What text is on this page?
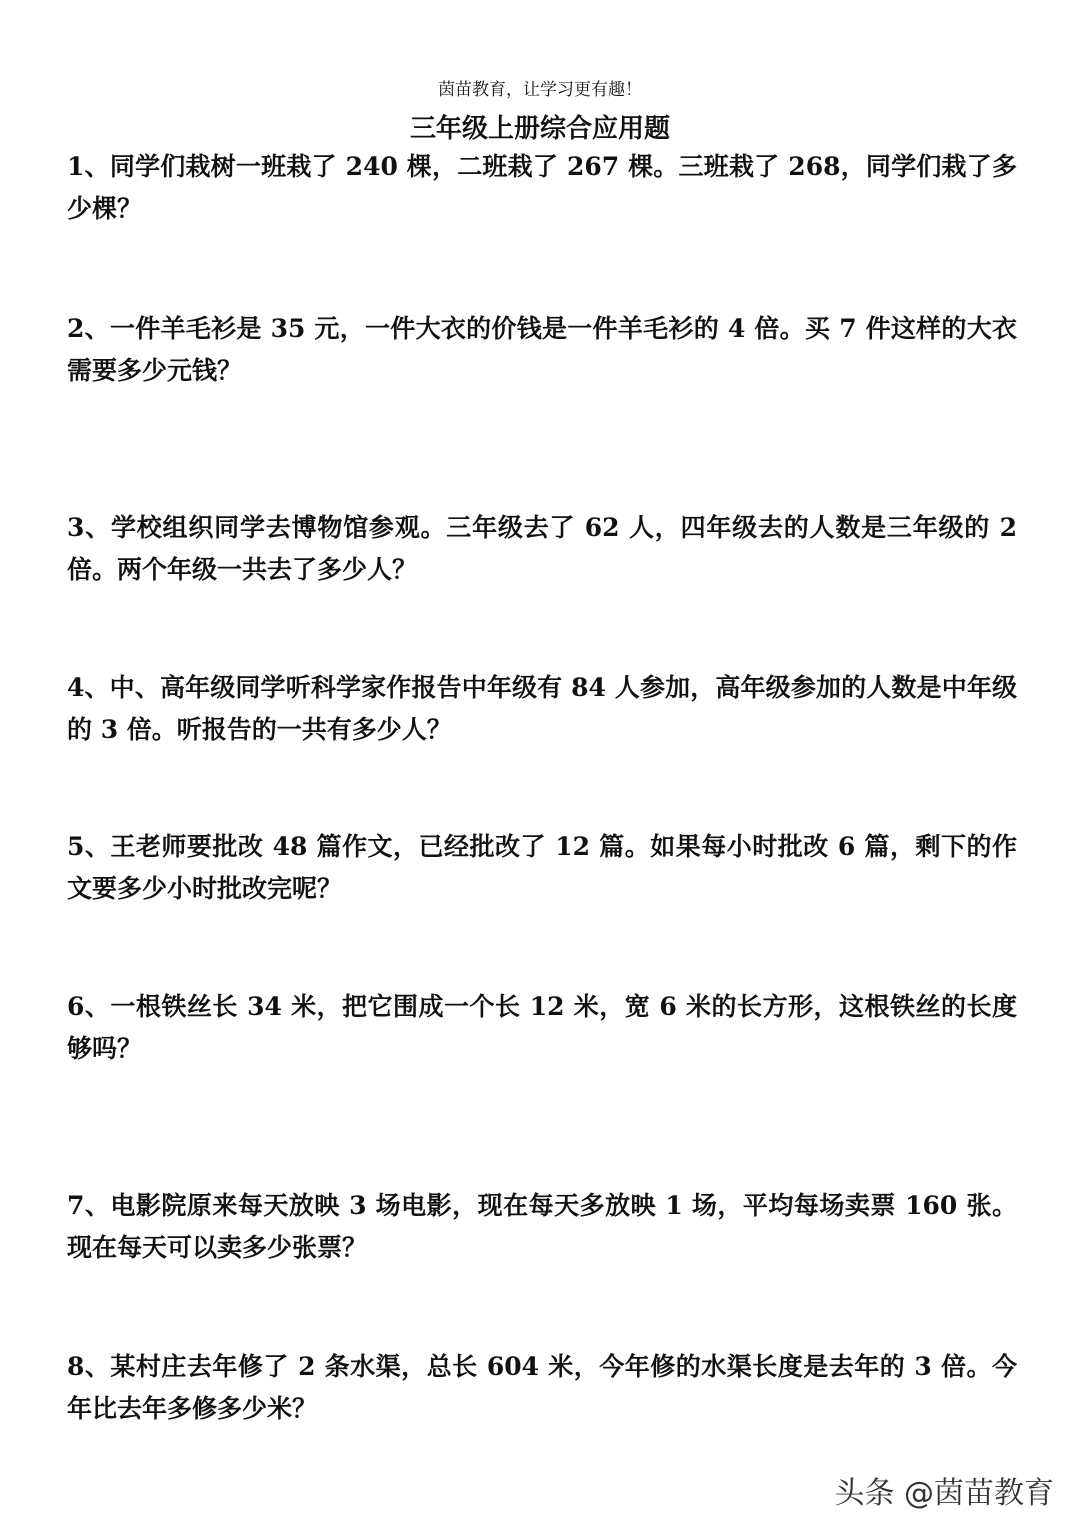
茵苗教育，让学习更有趣！
三年级上册综合应用题

1、同学们栽树一班栽了 240 棵，二班栽了 267 棵。三班栽了 268，同学们栽了多少棵？

2、一件羊毛衫是 35 元，一件大衣的价钱是一件羊毛衫的 4 倍。买 7 件这样的大衣需要多少元钱？

3、学校组织同学去博物馆参观。三年级去了 62 人，四年级去的人数是三年级的 2 倍。两个年级一共去了多少人？

4、中、高年级同学听科学家作报告中年级有 84 人参加，高年级参加的人数是中年级的 3 倍。听报告的一共有多少人？

5、王老师要批改 48 篇作文，已经批改了 12 篇。如果每小时批改 6 篇，剩下的作文要多少小时批改完呢？

6、一根铁丝长 34 米，把它围成一个长 12 米，宽 6 米的长方形，这根铁丝的长度够吗？

7、电影院原来每天放映 3 场电影，现在每天多放映 1 场，平均每场卖票 160 张。现在每天可以卖多少张票？

8、某村庄去年修了 2 条水渠，总长 604 米，今年修的水渠长度是去年的 3 倍。今年比去年多修多少米？

头条 @茵苗教育
